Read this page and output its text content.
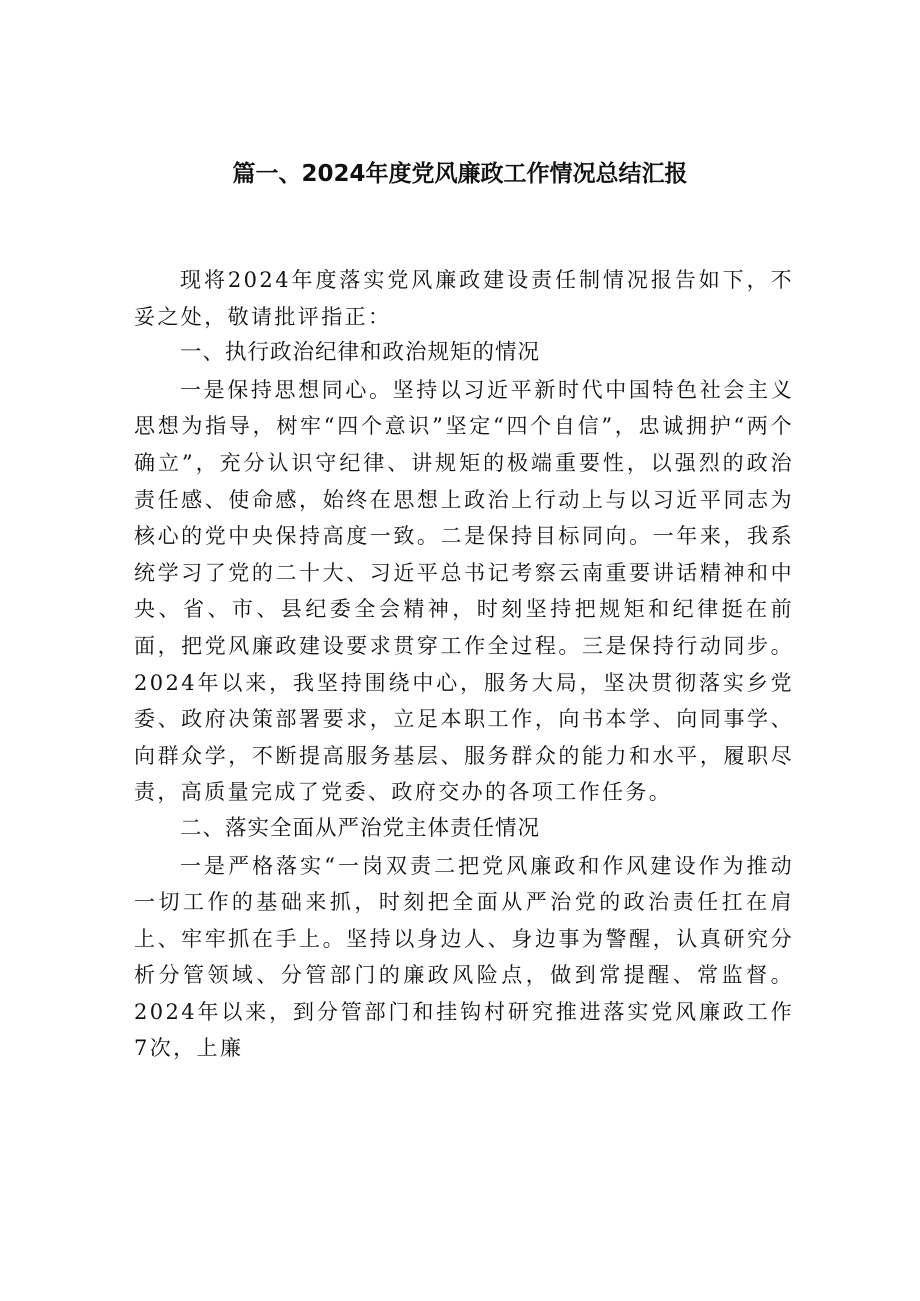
篇一、2024年度党风廉政工作情况总结汇报

现将2024年度落实党风廉政建设责任制情况报告如下，不妥之处，敬请批评指正：

一、执行政治纪律和政治规矩的情况

一是保持思想同心。坚持以习近平新时代中国特色社会主义思想为指导，树牢“四个意识”坚定“四个自信”，忠诚拥护“两个确立”，充分认识守纪律、讲规矩的极端重要性，以强烈的政治责任感、使命感，始终在思想上政治上行动上与以习近平同志为核心的党中央保持高度一致。二是保持目标同向。一年来，我系统学习了党的二十大、习近平总书记考察云南重要讲话精神和中央、省、市、县纪委全会精神，时刻坚持把规矩和纪律挺在前面，把党风廉政建设要求贯穿工作全过程。三是保持行动同步。2024年以来，我坚持围绕中心，服务大局，坚决贯彻落实乡党委、政府决策部署要求，立足本职工作，向书本学、向同事学、向群众学，不断提高服务基层、服务群众的能力和水平，履职尽责，高质量完成了党委、政府交办的各项工作任务。

二、落实全面从严治党主体责任情况

一是严格落实“一岗双责二把党风廉政和作风建设作为推动一切工作的基础来抓，时刻把全面从严治党的政治责任扛在肩上、牢牢抓在手上。坚持以身边人、身边事为警醒，认真研究分析分管领域、分管部门的廉政风险点，做到常提醒、常监督。2024年以来，到分管部门和挂钩村研究推进落实党风廉政工作7次，上廉
